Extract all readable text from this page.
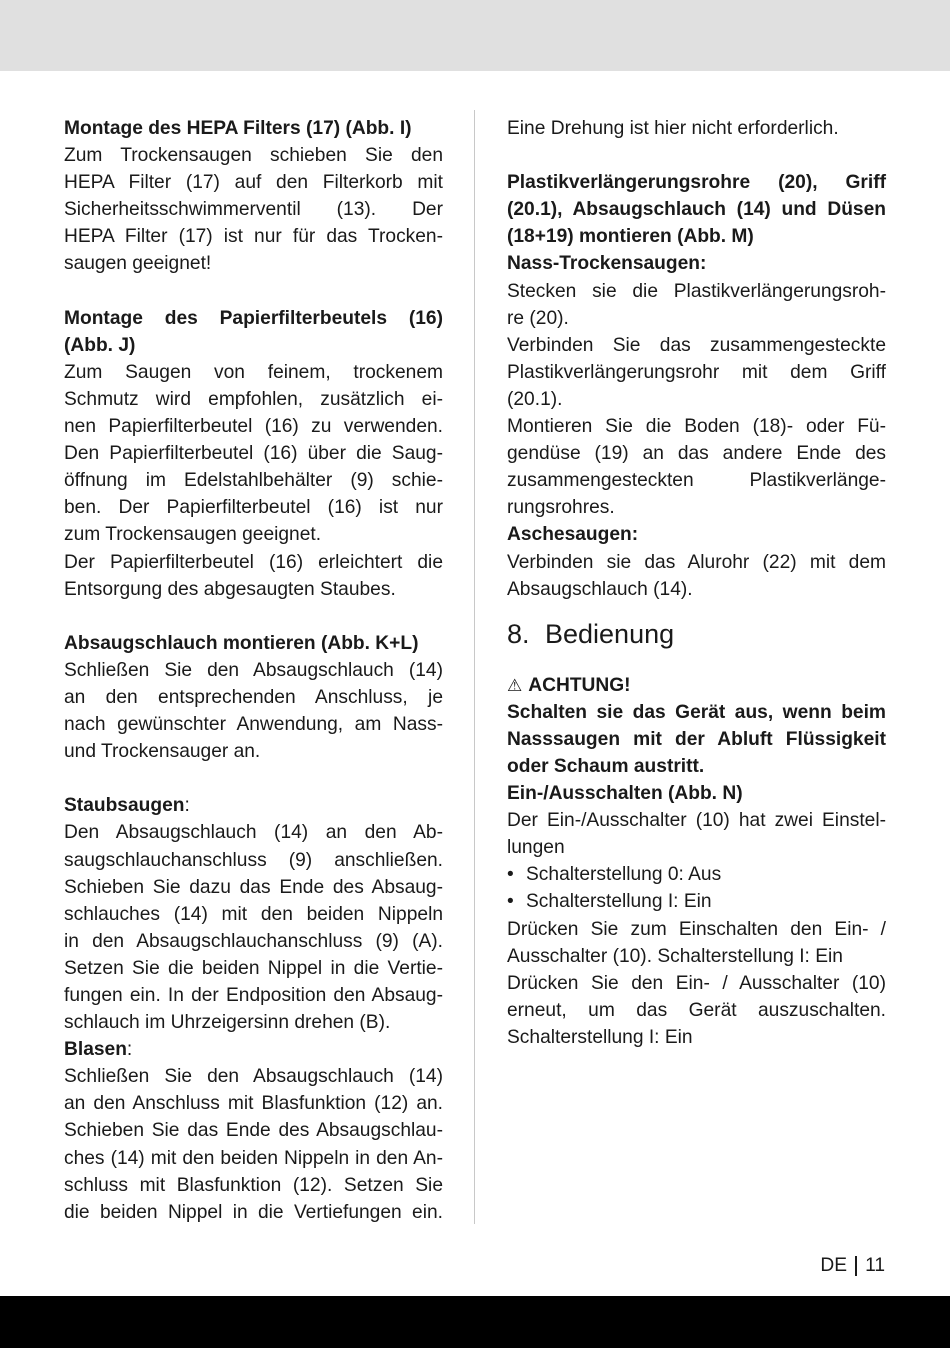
Montage des HEPA Filters (17) (Abb. I)

Zum Trockensaugen schieben Sie den

HEPA Filter (17) auf den Filterkorb mit

Sicherheitsschwimmerventil (13). Der

HEPA Filter (17) ist nur für das Trocken-

saugen geeignet!

Montage des Papierfilterbeutels (16)

(Abb. J)

Zum Saugen von feinem, trockenem

Schmutz wird empfohlen, zusätzlich ei-

nen Papierfilterbeutel (16) zu verwenden.

Den Papierfilterbeutel (16) über die Saug-

öffnung im Edelstahlbehälter (9) schie-

ben. Der Papierfilterbeutel (16) ist nur

zum Trockensaugen geeignet.

Der Papierfilterbeutel (16) erleichtert die

Entsorgung des abgesaugten Staubes.

Absaugschlauch montieren (Abb. K+L)

Schließen Sie den Absaugschlauch (14)

an den entsprechenden Anschluss, je

nach gewünschter Anwendung, am Nass-

und Trockensauger an.

Staubsaugen:

Den Absaugschlauch (14) an den Ab-

saugschlauchanschluss (9) anschließen.

Schieben Sie dazu das Ende des Absaug-

schlauches (14) mit den beiden Nippeln

in den Absaugschlauchanschluss (9) (A).

Setzen Sie die beiden Nippel in die Vertie-

fungen ein. In der Endposition den Absaug-

schlauch im Uhrzeigersinn drehen (B).

Blasen:

Schließen Sie den Absaugschlauch (14)

an den Anschluss mit Blasfunktion (12) an.

Schieben Sie das Ende des Absaugschlau-

ches (14) mit den beiden Nippeln in den An-

schluss mit Blasfunktion (12). Setzen Sie

die beiden Nippel in die Vertiefungen ein.

Eine Drehung ist hier nicht erforderlich.

Plastikverlängerungsrohre (20), Griff

(20.1), Absaugschlauch (14) und Düsen

(18+19) montieren (Abb. M)

Nass-Trockensaugen:

Stecken sie die Plastikverlängerungsroh-

re (20).

Verbinden Sie das zusammengesteckte

Plastikverlängerungsrohr mit dem Griff

(20.1).

Montieren Sie die Boden (18)- oder Fü-

gendüse (19) an das andere Ende des

zusammengesteckten Plastikverlänge-

rungsrohres.

Aschesaugen:

Verbinden sie das Alurohr (22) mit dem

Absaugschlauch (14).

8. Bedienung

⚠ ACHTUNG!

Schalten sie das Gerät aus, wenn beim

Nasssaugen mit der Abluft Flüssigkeit

oder Schaum austritt.

Ein-/Ausschalten (Abb. N)

Der Ein-/Ausschalter (10) hat zwei Einstel-

lungen

• Schalterstellung 0: Aus
• Schalterstellung I: Ein

Drücken Sie zum Einschalten den Ein- /

Ausschalter (10). Schalterstellung I: Ein

Drücken Sie den Ein- / Ausschalter (10)

erneut, um das Gerät auszuschalten.

Schalterstellung I: Ein

DE 11
